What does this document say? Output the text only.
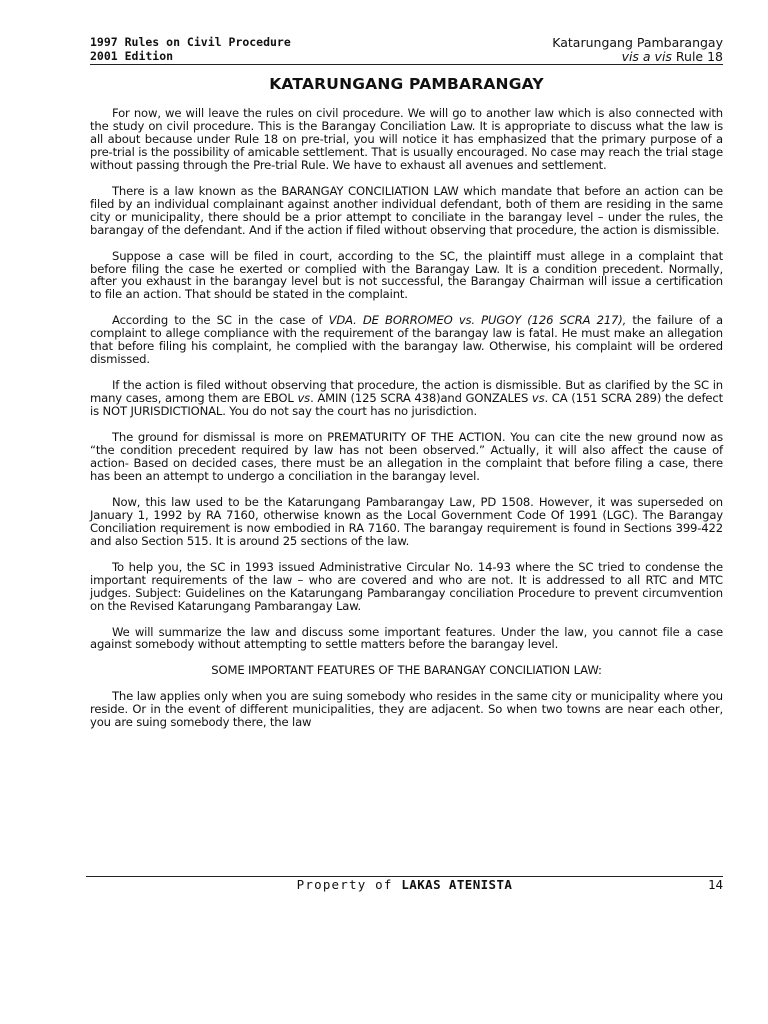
1997 Rules on Civil Procedure
2001 Edition
Katarungang Pambarangay
vis a vis Rule 18
KATARUNGANG PAMBARANGAY

For now, we will leave the rules on civil procedure. We will go to another law which is also connected with the study on civil procedure. This is the Barangay Conciliation Law. It is appropriate to discuss what the law is all about because under Rule 18 on pre-trial, you will notice it has emphasized that the primary purpose of a pre-trial is the possibility of amicable settlement. That is usually encouraged. No case may reach the trial stage without passing through the Pre-trial Rule. We have to exhaust all avenues and settlement.

There is a law known as the BARANGAY CONCILIATION LAW which mandate that before an action can be filed by an individual complainant against another individual defendant, both of them are residing in the same city or municipality, there should be a prior attempt to conciliate in the barangay level – under the rules, the barangay of the defendant. And if the action if filed without observing that procedure, the action is dismissible.

Suppose a case will be filed in court, according to the SC, the plaintiff must allege in a complaint that before filing the case he exerted or complied with the Barangay Law. It is a condition precedent. Normally, after you exhaust in the barangay level but is not successful, the Barangay Chairman will issue a certification to file an action. That should be stated in the complaint.

According to the SC in the case of VDA. DE BORROMEO vs. PUGOY (126 SCRA 217), the failure of a complaint to allege compliance with the requirement of the barangay law is fatal. He must make an allegation that before filing his complaint, he complied with the barangay law. Otherwise, his complaint will be ordered dismissed.

If the action is filed without observing that procedure, the action is dismissible. But as clarified by the SC in many cases, among them are EBOL vs. AMIN (125 SCRA 438)and GONZALES vs. CA (151 SCRA 289) the defect is NOT JURISDICTIONAL. You do not say the court has no jurisdiction.

The ground for dismissal is more on PREMATURITY OF THE ACTION. You can cite the new ground now as “the condition precedent required by law has not been observed.” Actually, it will also affect the cause of action- Based on decided cases, there must be an allegation in the complaint that before filing a case, there has been an attempt to undergo a conciliation in the barangay level.

Now, this law used to be the Katarungang Pambarangay Law, PD 1508. However, it was superseded on January 1, 1992 by RA 7160, otherwise known as the Local Government Code Of 1991 (LGC). The Barangay Conciliation requirement is now embodied in RA 7160. The barangay requirement is found in Sections 399-422 and also Section 515. It is around 25 sections of the law.

To help you, the SC in 1993 issued Administrative Circular No. 14-93 where the SC tried to condense the important requirements of the law – who are covered and who are not. It is addressed to all RTC and MTC judges. Subject: Guidelines on the Katarungang Pambarangay conciliation Procedure to prevent circumvention on the Revised Katarungang Pambarangay Law.

We will summarize the law and discuss some important features. Under the law, you cannot file a case against somebody without attempting to settle matters before the barangay level.

SOME IMPORTANT FEATURES OF THE BARANGAY CONCILIATION LAW:

The law applies only when you are suing somebody who resides in the same city or municipality where you reside. Or in the event of different municipalities, they are adjacent. So when two towns are near each other, you are suing somebody there, the law

Property of LAKAS ATENISTA	14
